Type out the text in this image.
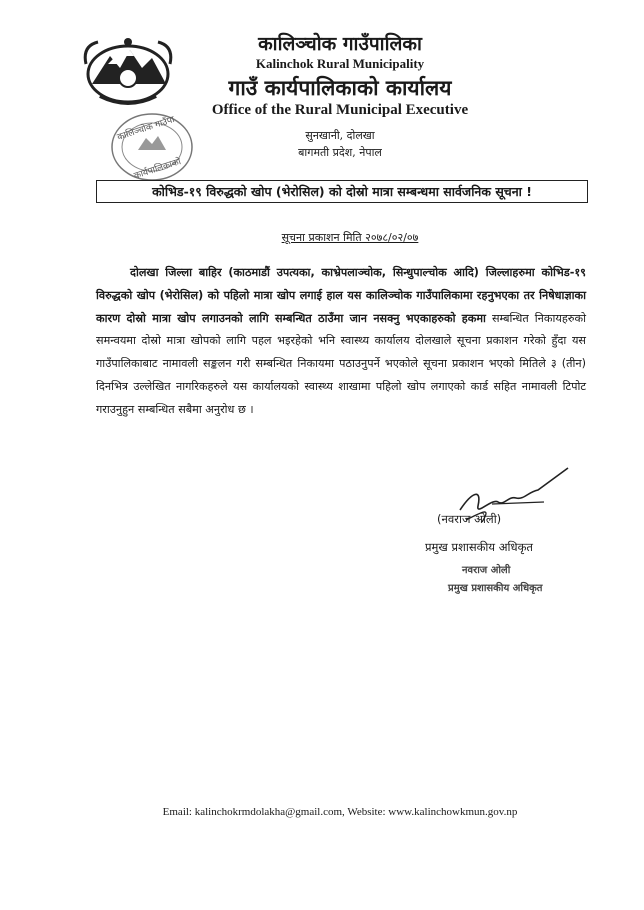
कालिञ्चोक गाउँपालिका
Kalinchok Rural Municipality
गाउँ कार्यपालिकाको कार्यालय
Office of the Rural Municipal Executive
सुनखानी, दोलखा
बागमती प्रदेश, नेपाल
कालिञ्चोक गाउँपा
कार्यपालिकाको
कोभिड-१९ विरुद्धको खोप (भेरोसिल) को दोस्रो मात्रा सम्बन्धमा सार्वजनिक सूचना !
सूचना प्रकाशन मिति २०७८/०२/०७
दोलखा जिल्ला बाहिर (काठमाडौं उपत्यका, काभ्रेपलाञ्चोक, सिन्धुपाल्चोक आदि) जिल्लाहरुमा कोभिड-१९ विरुद्धको खोप (भेरोसिल) को पहिलो मात्रा खोप लगाई हाल यस कालिञ्चोक गाउँपालिकामा रहनुभएका तर निषेधाज्ञाका कारण दोस्रो मात्रा खोप लगाउनको लागि सम्बन्धित ठाउँमा जान नसक्नु भएकाहरुको हकमा सम्बन्धित निकायहरुको समन्वयमा दोस्रो मात्रा खोपको लागि पहल भइरहेको भनि स्वास्थ्य कार्यालय दोलखाले सूचना प्रकाशन गरेको हुँदा यस गाउँपालिकाबाट नामावली सङ्कलन गरी सम्बन्धित निकायमा पठाउनुपर्ने भएकोले सूचना प्रकाशन भएको मितिले ३ (तीन) दिनभित्र उल्लेखित नागरिकहरुले यस कार्यालयको स्वास्थ्य शाखामा पहिलो खोप लगाएको कार्ड सहित नामावली टिपोट गराउनुहुन सम्बन्धित सबैमा अनुरोध छ ।
(नवराज ओली)
प्रमुख प्रशासकीय अधिकृत
नवराज ओली
प्रमुख प्रशासकीय अधिकृत
Email: kalinchokrmdolakha@gmail.com, Website: www.kalinchowkmun.gov.np
